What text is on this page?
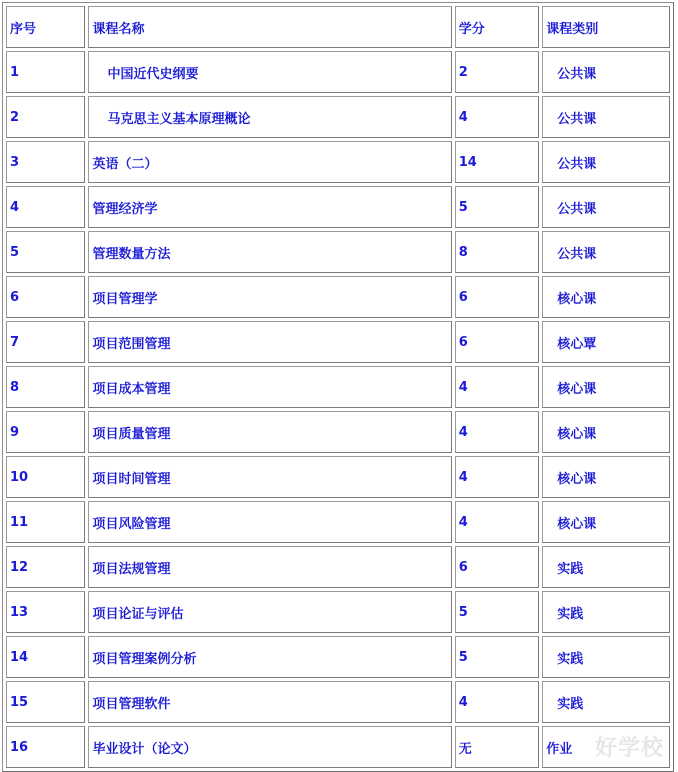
序号	课程名称	学分	课程类别
1	中国近代史纲要	2	公共课
2	马克思主义基本原理概论	4	公共课
3	英语（二）	14	公共课
4	管理经济学	5	公共课
5	管理数量方法	8	公共课
6	项目管理学	6	核心课
7	项目范围管理	6	核心覃
8	项目成本管理	4	核心课
9	项目质量管理	4	核心课
10	项目时间管理	4	核心课
11	项目风险管理	4	核心课
12	项目法规管理	6	实践
13	项目论证与评估	5	实践
14	项目管理案例分析	5	实践
15	项目管理软件	4	实践
16	毕业设计（论文）	无	作业 好学校
